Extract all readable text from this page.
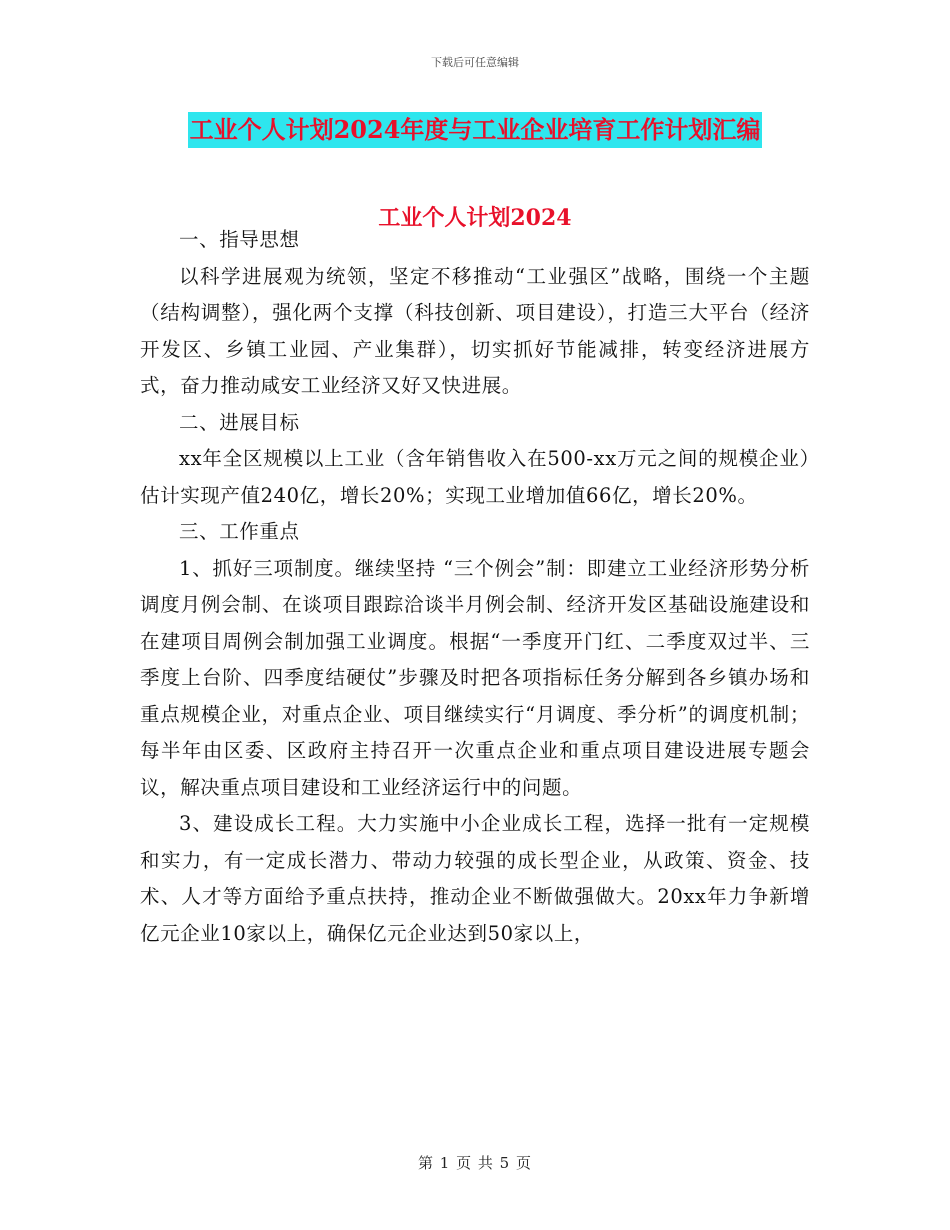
下载后可任意编辑
工业个人计划2024年度与工业企业培育工作计划汇编
工业个人计划2024

一、指导思想

以科学进展观为统领，坚定不移推动“工业强区”战略，围绕一个主题（结构调整），强化两个支撑（科技创新、项目建设），打造三大平台（经济开发区、乡镇工业园、产业集群），切实抓好节能减排，转变经济进展方式，奋力推动咸安工业经济又好又快进展。

二、进展目标

xx年全区规模以上工业（含年销售收入在500-xx万元之间的规模企业）估计实现产值240亿，增长20%；实现工业增加值66亿，增长20%。

三、工作重点

1、抓好三项制度。继续坚持 “三个例会”制：即建立工业经济形势分析调度月例会制、在谈项目跟踪洽谈半月例会制、经济开发区基础设施建设和在建项目周例会制加强工业调度。根据“一季度开门红、二季度双过半、三季度上台阶、四季度结硬仗”步骤及时把各项指标任务分解到各乡镇办场和重点规模企业，对重点企业、项目继续实行“月调度、季分析”的调度机制；每半年由区委、区政府主持召开一次重点企业和重点项目建设进展专题会议，解决重点项目建设和工业经济运行中的问题。

3、建设成长工程。大力实施中小企业成长工程，选择一批有一定规模和实力，有一定成长潜力、带动力较强的成长型企业，从政策、资金、技术、人才等方面给予重点扶持，推动企业不断做强做大。20xx年力争新增亿元企业10家以上，确保亿元企业达到50家以上，

第 1 页 共 5 页
